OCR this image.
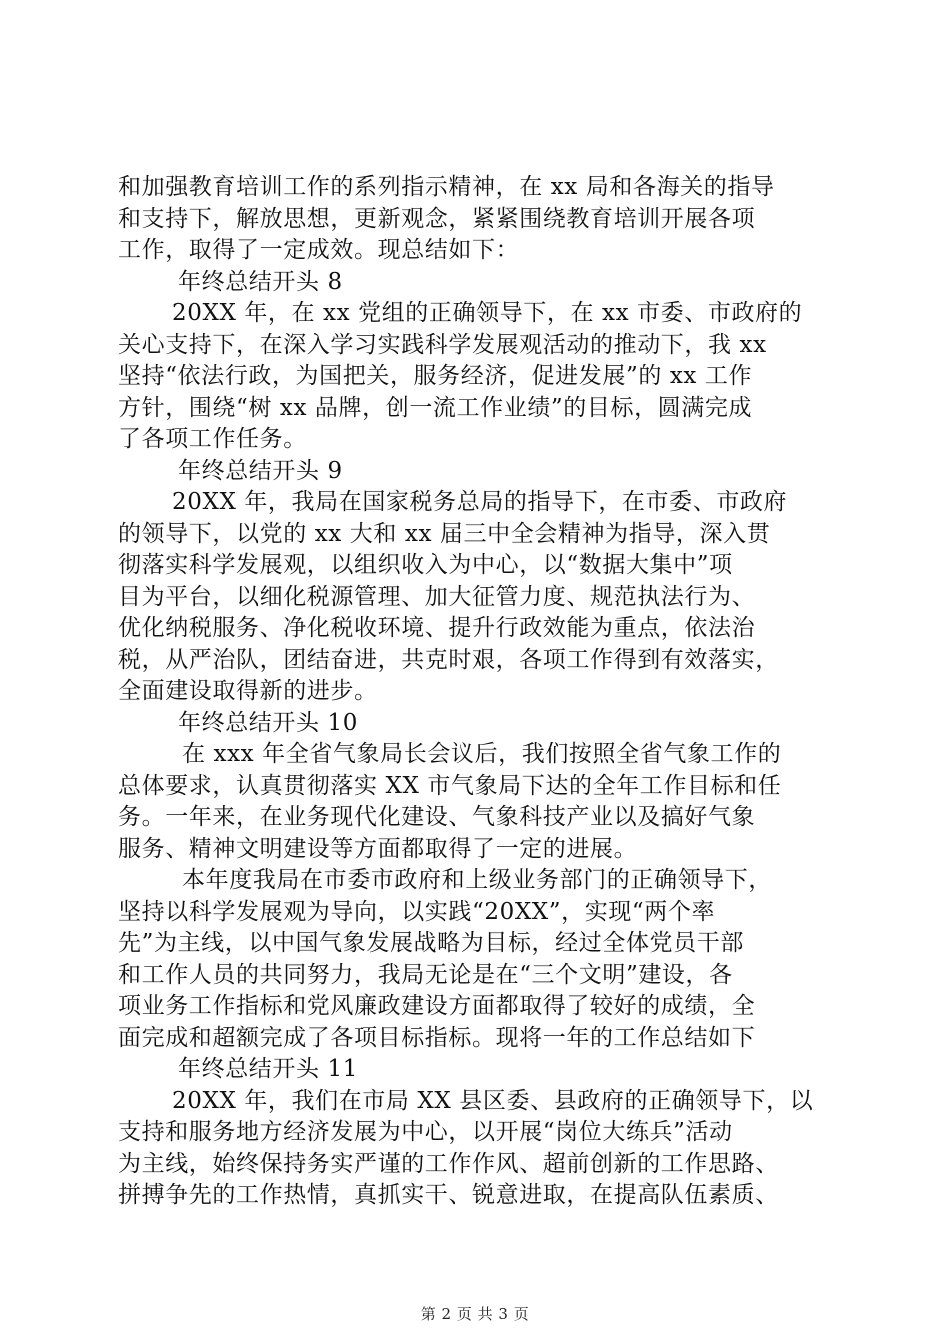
和加强教育培训工作的系列指示精神，在 xx 局和各海关的指导
和支持下，解放思想，更新观念，紧紧围绕教育培训开展各项
工作，取得了一定成效。现总结如下：
年终总结开头 8
20XX 年，在 xx 党组的正确领导下，在 xx 市委、市政府的
关心支持下，在深入学习实践科学发展观活动的推动下，我 xx
坚持“依法行政，为国把关，服务经济，促进发展”的 xx 工作
方针，围绕“树 xx 品牌，创一流工作业绩”的目标，圆满完成
了各项工作任务。
年终总结开头 9
20XX 年，我局在国家税务总局的指导下，在市委、市政府
的领导下，以党的 xx 大和 xx 届三中全会精神为指导，深入贯
彻落实科学发展观，以组织收入为中心，以“数据大集中”项
目为平台，以细化税源管理、加大征管力度、规范执法行为、
优化纳税服务、净化税收环境、提升行政效能为重点，依法治
税，从严治队，团结奋进，共克时艰，各项工作得到有效落实，
全面建设取得新的进步。
年终总结开头 10
在 xxx 年全省气象局长会议后，我们按照全省气象工作的
总体要求，认真贯彻落实 XX 市气象局下达的全年工作目标和任
务。一年来，在业务现代化建设、气象科技产业以及搞好气象
服务、精神文明建设等方面都取得了一定的进展。
本年度我局在市委市政府和上级业务部门的正确领导下，
坚持以科学发展观为导向，以实践“20XX”，实现“两个率
先”为主线，以中国气象发展战略为目标，经过全体党员干部
和工作人员的共同努力，我局无论是在“三个文明”建设，各
项业务工作指标和党风廉政建设方面都取得了较好的成绩，全
面完成和超额完成了各项目标指标。现将一年的工作总结如下
年终总结开头 11
20XX 年，我们在市局 XX 县区委、县政府的正确领导下，以
支持和服务地方经济发展为中心，以开展“岗位大练兵”活动
为主线，始终保持务实严谨的工作作风、超前创新的工作思路、
拼搏争先的工作热情，真抓实干、锐意进取，在提高队伍素质、
第 2 页 共 3 页
